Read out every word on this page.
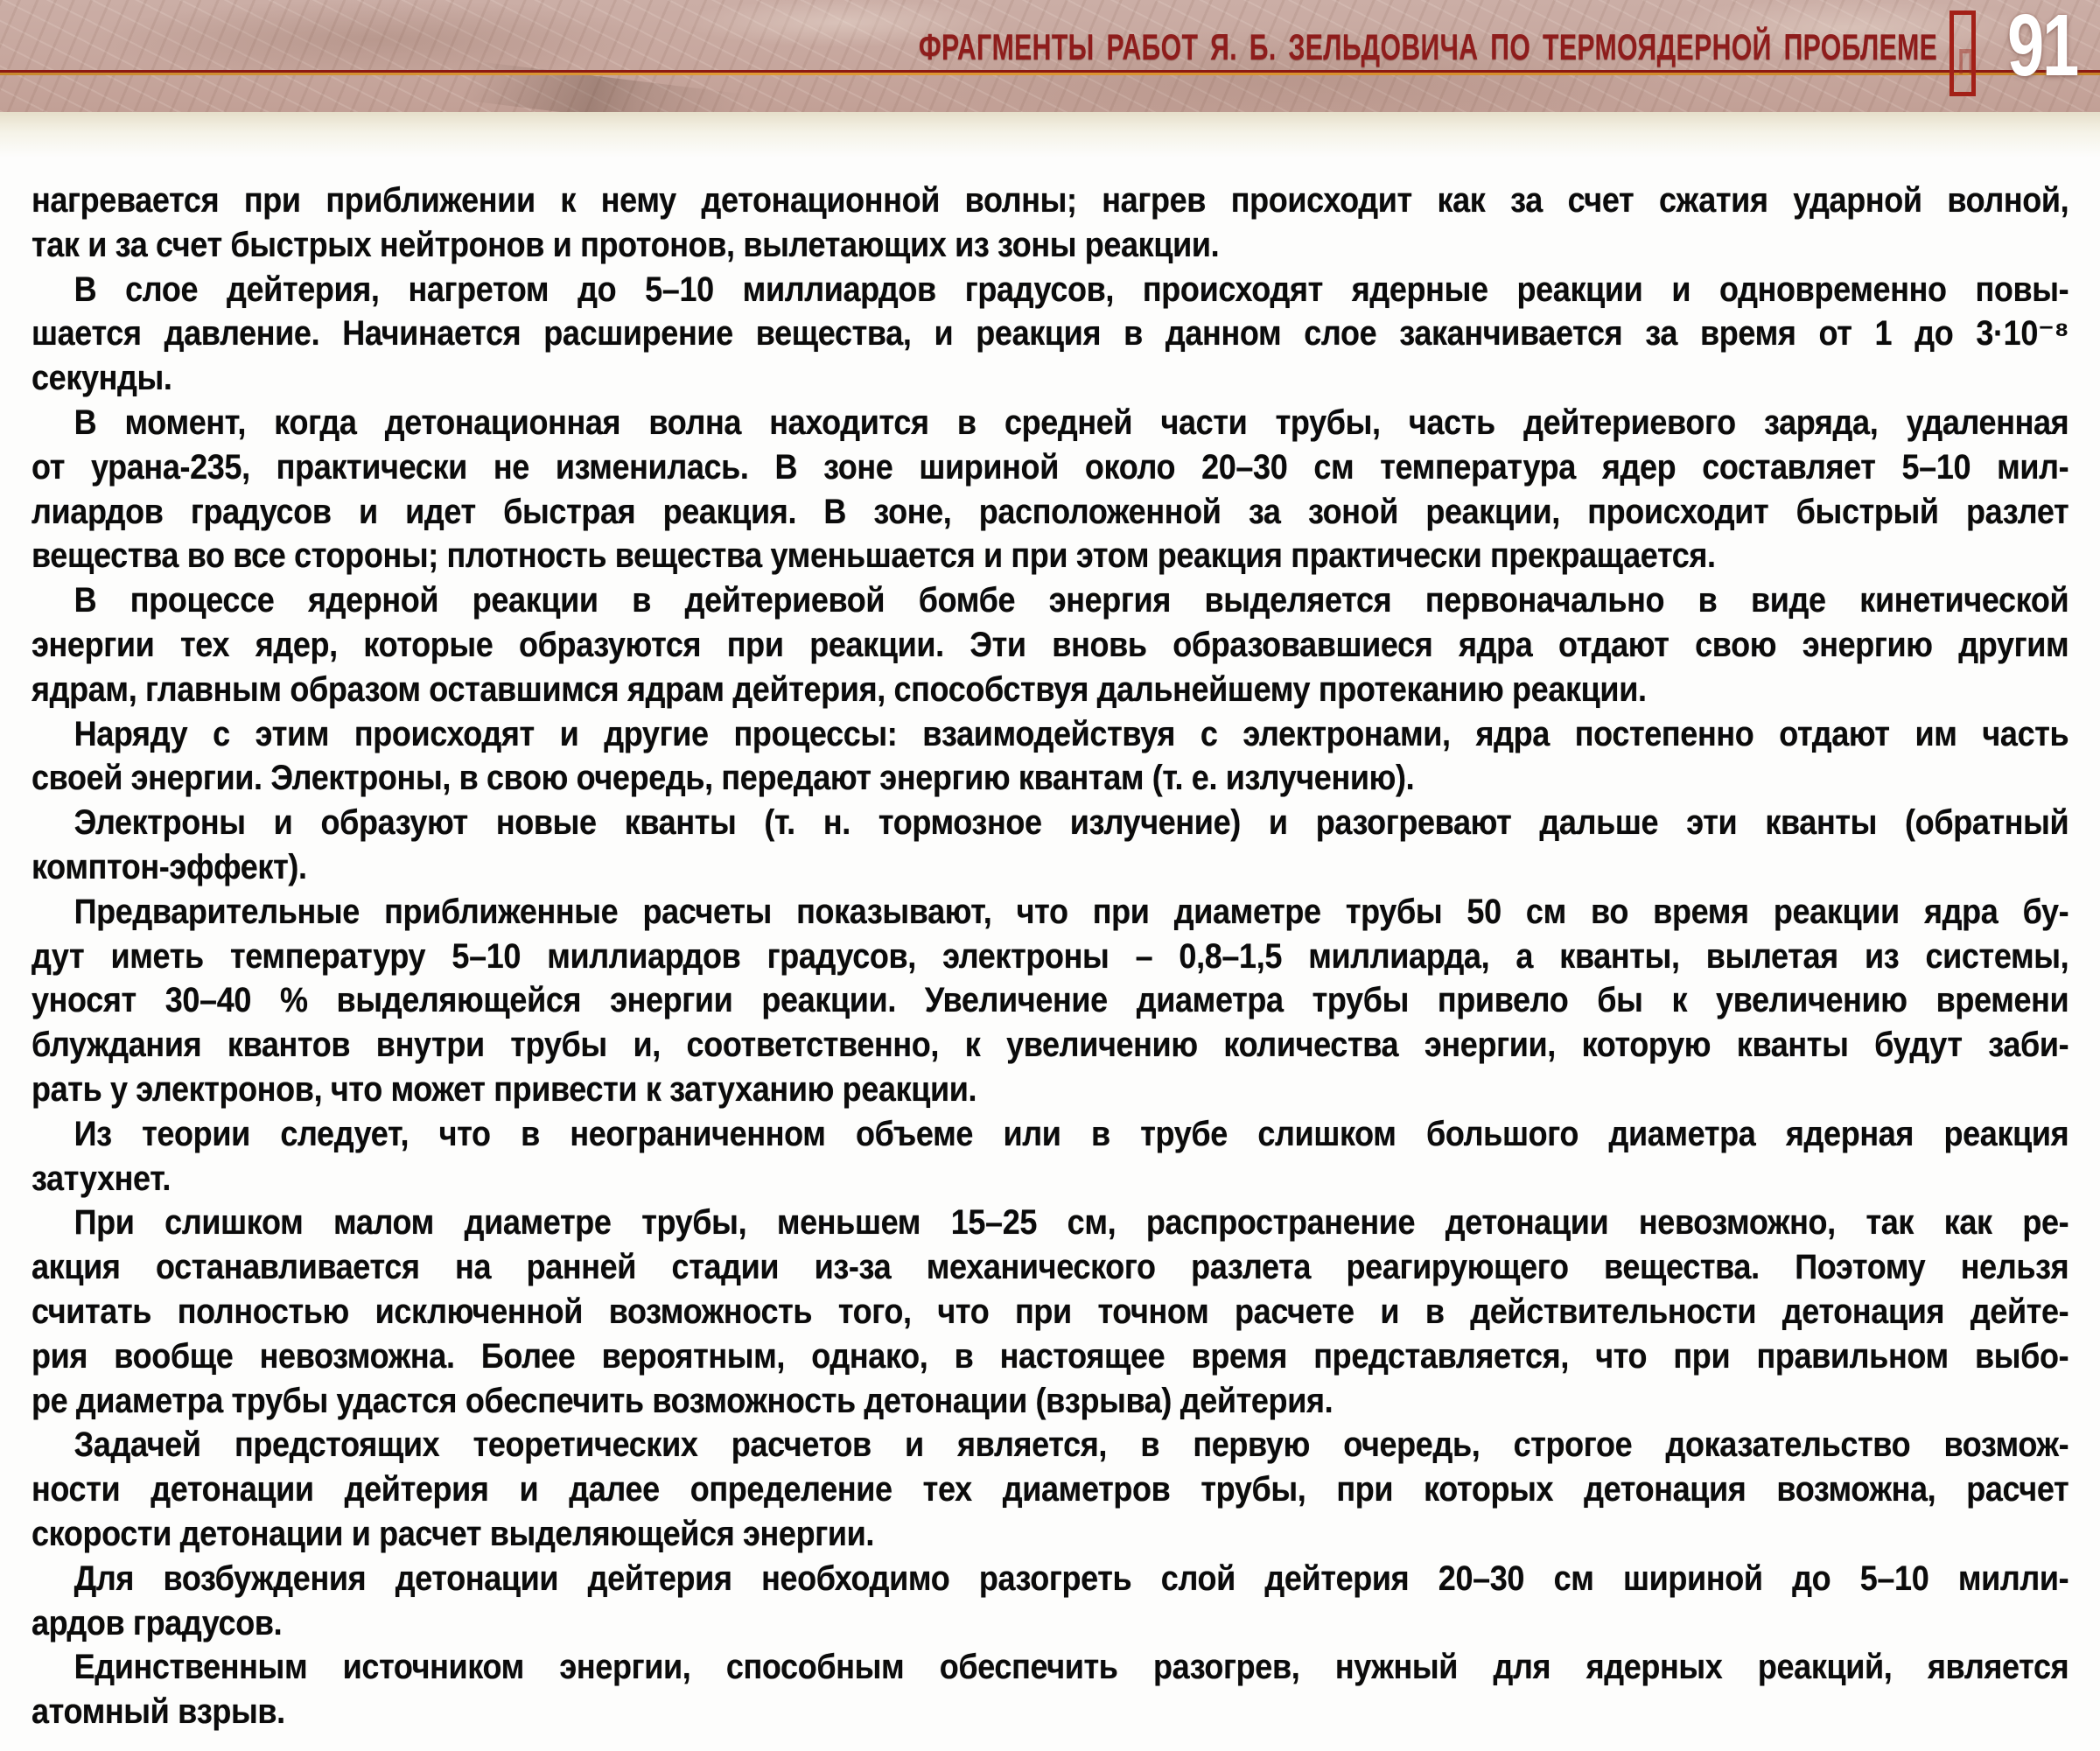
ФРАГМЕНТЫ РАБОТ Я. Б. ЗЕЛЬДОВИЧА ПО ТЕРМОЯДЕРНОЙ ПРОБЛЕМЕ П 91
нагревается при приближении к нему детонационной волны; нагрев происходит как за счет сжатия ударной волной,
так и за счет быстрых нейтронов и протонов, вылетающих из зоны реакции.
В слое дейтерия, нагретом до 5–10 миллиардов градусов, происходят ядерные реакции и одновременно повы-
шается давление. Начинается расширение вещества, и реакция в данном слое заканчивается за время от 1 до 3·10⁻⁸
секунды.
В момент, когда детонационная волна находится в средней части трубы, часть дейтериевого заряда, удаленная
от урана-235, практически не изменилась. В зоне шириной около 20–30 см температура ядер составляет 5–10 мил-
лиардов градусов и идет быстрая реакция. В зоне, расположенной за зоной реакции, происходит быстрый разлет
вещества во все стороны; плотность вещества уменьшается и при этом реакция практически прекращается.
В процессе ядерной реакции в дейтериевой бомбе энергия выделяется первоначально в виде кинетической
энергии тех ядер, которые образуются при реакции. Эти вновь образовавшиеся ядра отдают свою энергию другим
ядрам, главным образом оставшимся ядрам дейтерия, способствуя дальнейшему протеканию реакции.
Наряду с этим происходят и другие процессы: взаимодействуя с электронами, ядра постепенно отдают им часть
своей энергии. Электроны, в свою очередь, передают энергию квантам (т. е. излучению).
Электроны и образуют новые кванты (т. н. тормозное излучение) и разогревают дальше эти кванты (обратный
комптон-эффект).
Предварительные приближенные расчеты показывают, что при диаметре трубы 50 см во время реакции ядра бу-
дут иметь температуру 5–10 миллиардов градусов, электроны – 0,8–1,5 миллиарда, а кванты, вылетая из системы,
уносят 30–40 % выделяющейся энергии реакции. Увеличение диаметра трубы привело бы к увеличению времени
блуждания квантов внутри трубы и, соответственно, к увеличению количества энергии, которую кванты будут заби-
рать у электронов, что может привести к затуханию реакции.
Из теории следует, что в неограниченном объеме или в трубе слишком большого диаметра ядерная реакция
затухнет.
При слишком малом диаметре трубы, меньшем 15–25 см, распространение детонации невозможно, так как ре-
акция останавливается на ранней стадии из-за механического разлета реагирующего вещества. Поэтому нельзя
считать полностью исключенной возможность того, что при точном расчете и в действительности детонация дейте-
рия вообще невозможна. Более вероятным, однако, в настоящее время представляется, что при правильном выбо-
ре диаметра трубы удастся обеспечить возможность детонации (взрыва) дейтерия.
Задачей предстоящих теоретических расчетов и является, в первую очередь, строгое доказательство возмож-
ности детонации дейтерия и далее определение тех диаметров трубы, при которых детонация возможна, расчет
скорости детонации и расчет выделяющейся энергии.
Для возбуждения детонации дейтерия необходимо разогреть слой дейтерия 20–30 см шириной до 5–10 милли-
ардов градусов.
Единственным источником энергии, способным обеспечить разогрев, нужный для ядерных реакций, является
атомный взрыв.
